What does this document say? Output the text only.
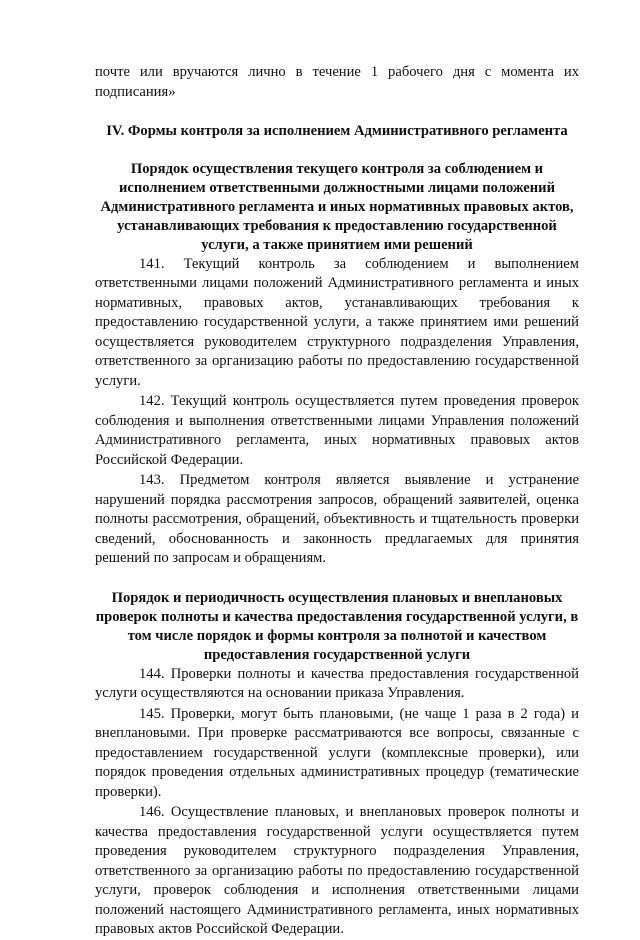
почте или вручаются лично в течение 1 рабочего дня с момента их подписания»

IV. Формы контроля за исполнением Административного регламента
Порядок осуществления текущего контроля за соблюдением и исполнением ответственными должностными лицами положений Административного регламента и иных нормативных правовых актов, устанавливающих требования к предоставлению государственной услуги, а также принятием ими решений

141. Текущий контроль за соблюдением и выполнением ответственными лицами положений Административного регламента и иных нормативных, правовых актов, устанавливающих требования к предоставлению государственной услуги, а также принятием ими решений осуществляется руководителем структурного подразделения Управления, ответственного за организацию работы по предоставлению государственной услуги.

142. Текущий контроль осуществляется путем проведения проверок соблюдения и выполнения ответственными лицами Управления положений Административного регламента, иных нормативных правовых актов Российской Федерации.

143. Предметом контроля является выявление и устранение нарушений порядка рассмотрения запросов, обращений заявителей, оценка полноты рассмотрения, обращений, объективность и тщательность проверки сведений, обоснованность и законность предлагаемых для принятия решений по запросам и обращениям.

Порядок и периодичность осуществления плановых и внеплановых проверок полноты и качества предоставления государственной услуги, в том числе порядок и формы контроля за полнотой и качеством предоставления государственной услуги

144. Проверки полноты и качества предоставления государственной услуги осуществляются на основании приказа Управления.

145. Проверки, могут быть плановыми, (не чаще 1 раза в 2 года) и внеплановыми. При проверке рассматриваются все вопросы, связанные с предоставлением государственной услуги (комплексные проверки), или порядок проведения отдельных административных процедур (тематические проверки).

146. Осуществление плановых, и внеплановых проверок полноты и качества предоставления государственной услуги осуществляется путем проведения руководителем структурного подразделения Управления, ответственного за организацию работы по предоставлению государственной услуги, проверок соблюдения и исполнения ответственными лицами положений настоящего Административного регламента, иных нормативных правовых актов Российской Федерации.
